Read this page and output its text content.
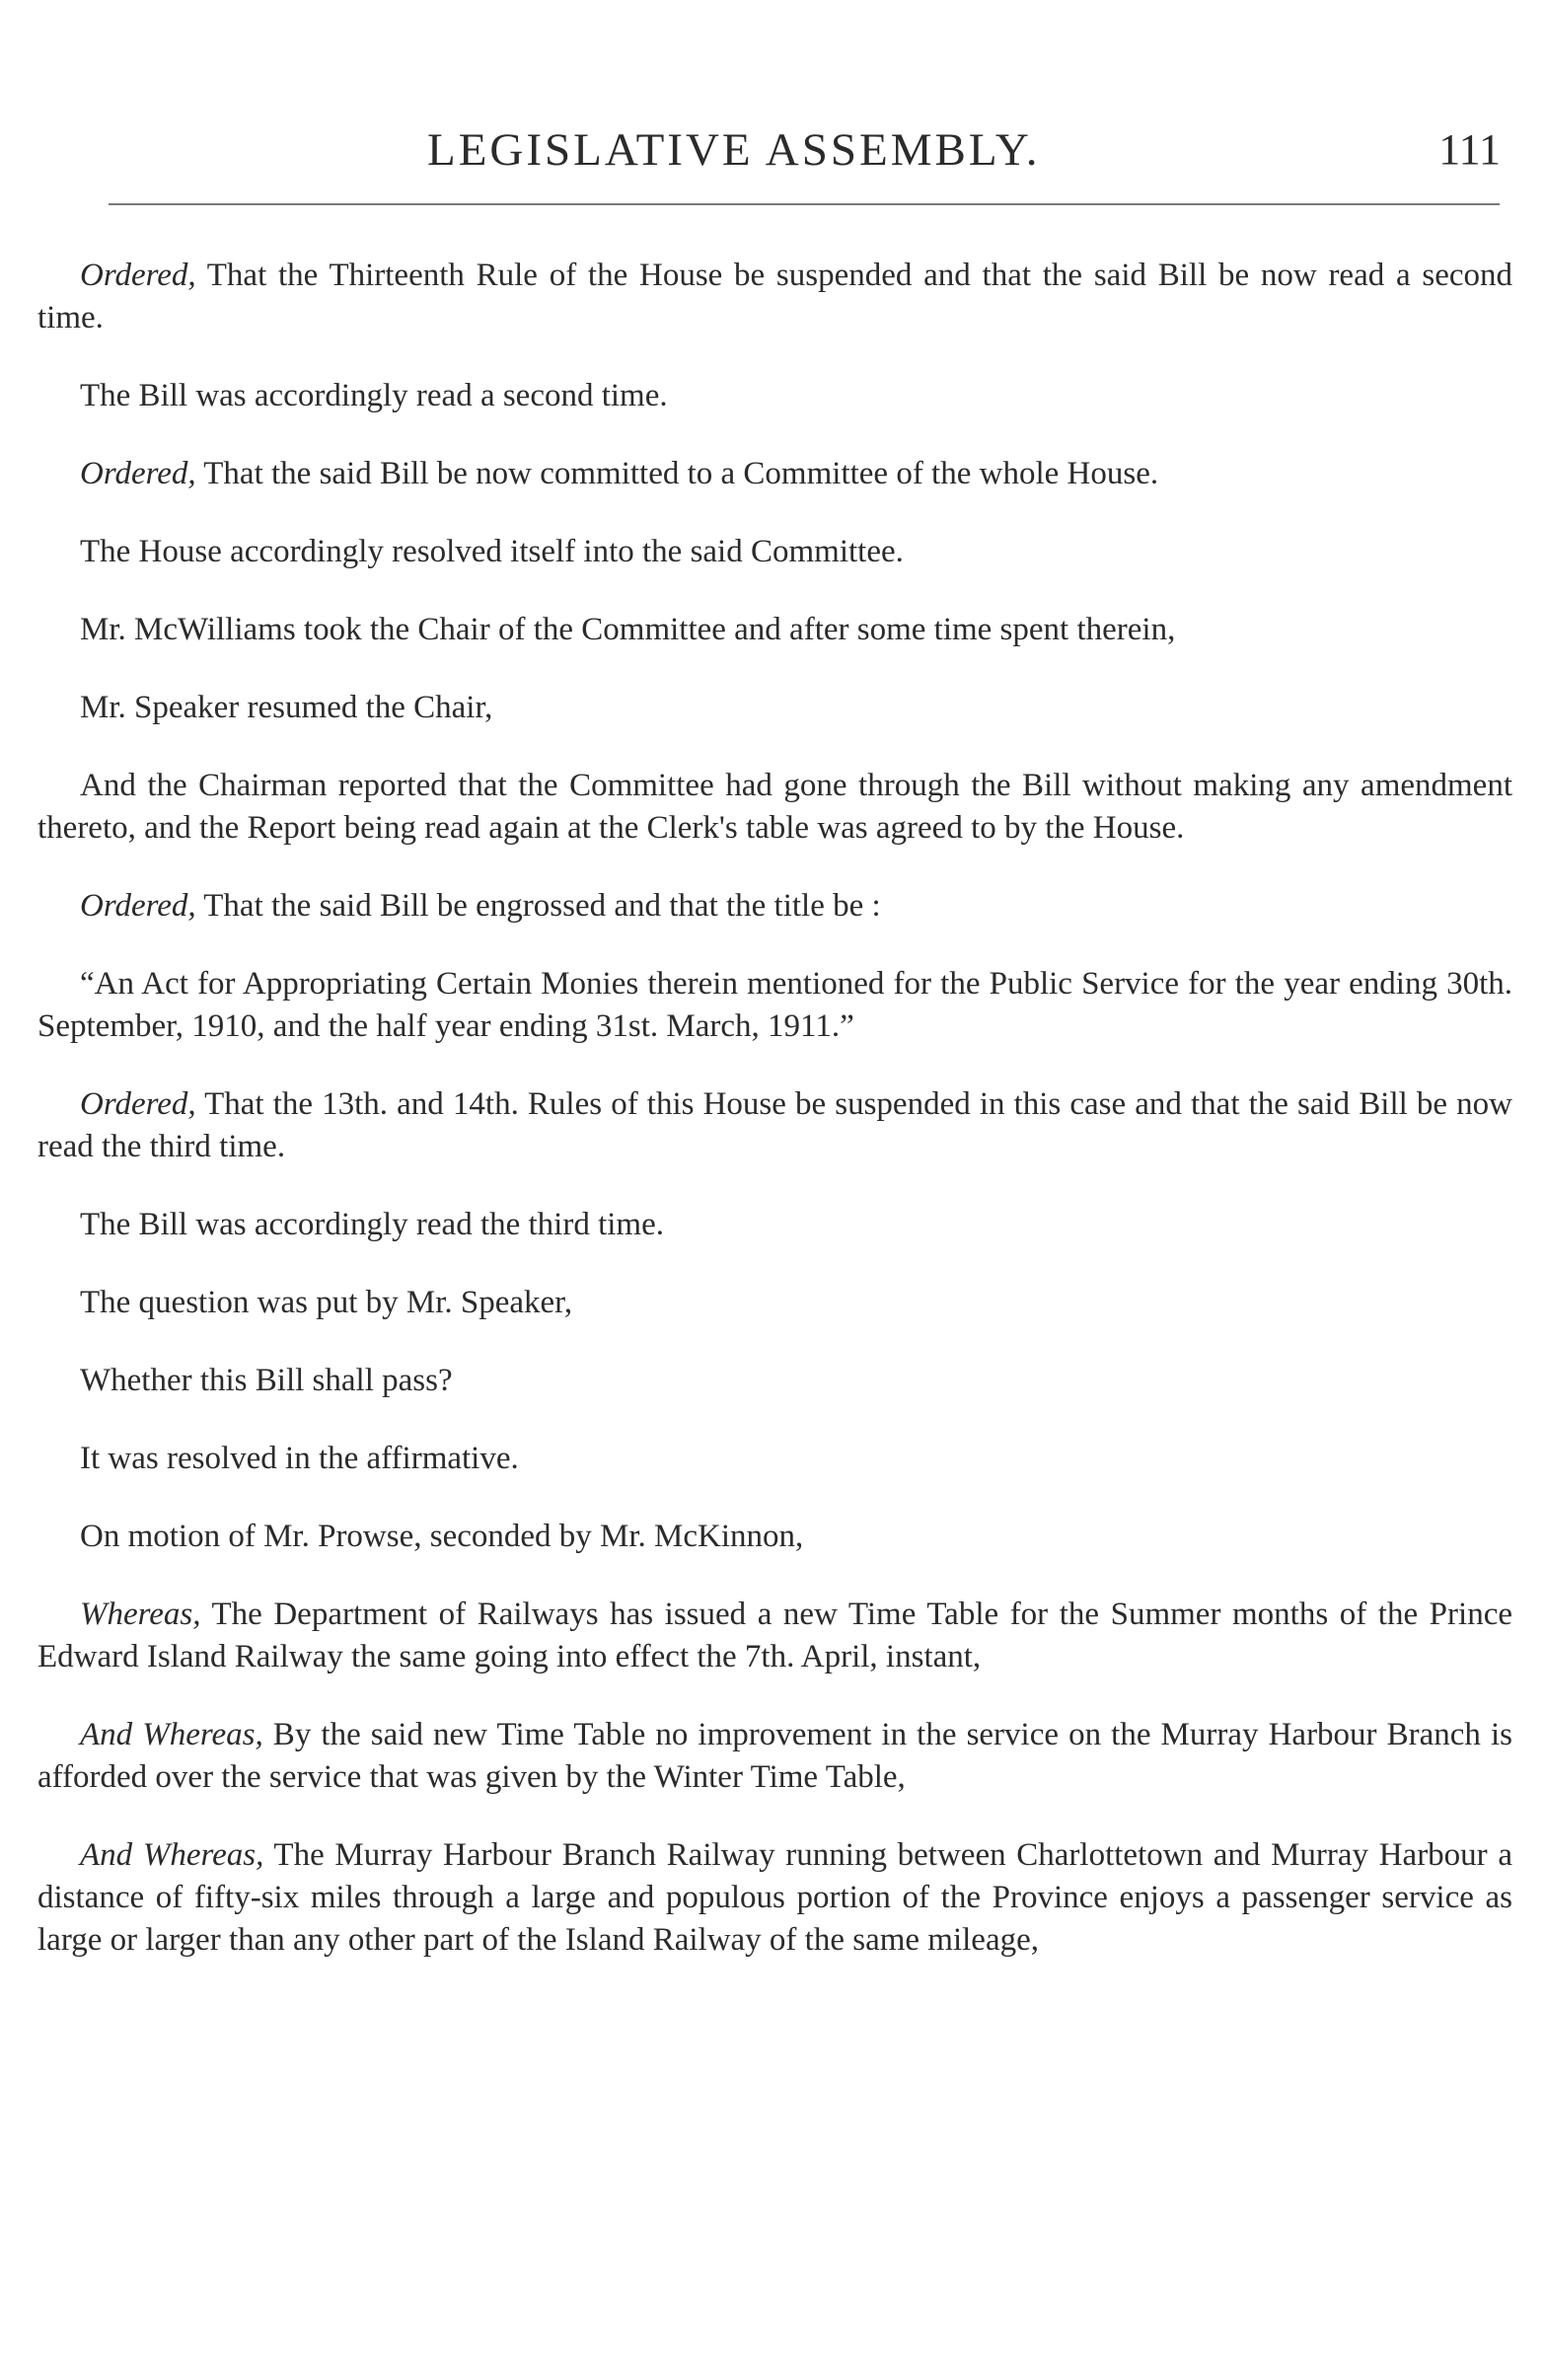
LEGISLATIVE ASSEMBLY.	111

Ordered, That the Thirteenth Rule of the House be suspended and that the said Bill be now read a second time.

The Bill was accordingly read a second time.

Ordered, That the said Bill be now committed to a Committee of the whole House.

The House accordingly resolved itself into the said Committee.

Mr. McWilliams took the Chair of the Committee and after some time spent therein,

Mr. Speaker resumed the Chair,

And the Chairman reported that the Committee had gone through the Bill without making any amendment thereto, and the Report being read again at the Clerk's table was agreed to by the House.

Ordered, That the said Bill be engrossed and that the title be :

“An Act for Appropriating Certain Monies therein mentioned for the Public Service for the year ending 30th. September, 1910, and the half year ending 31st. March, 1911.”

Ordered, That the 13th. and 14th. Rules of this House be suspended in this case and that the said Bill be now read the third time.

The Bill was accordingly read the third time.

The question was put by Mr. Speaker,

Whether this Bill shall pass?

It was resolved in the affirmative.

On motion of Mr. Prowse, seconded by Mr. McKinnon,

Whereas, The Department of Railways has issued a new Time Table for the Summer months of the Prince Edward Island Railway the same going into effect the 7th. April, instant,

And Whereas, By the said new Time Table no improvement in the service on the Murray Harbour Branch is afforded over the service that was given by the Winter Time Table,

And Whereas, The Murray Harbour Branch Railway running between Charlottetown and Murray Harbour a distance of fifty-six miles through a large and populous portion of the Province enjoys a passenger service as large or larger than any other part of the Island Railway of the same mileage,
